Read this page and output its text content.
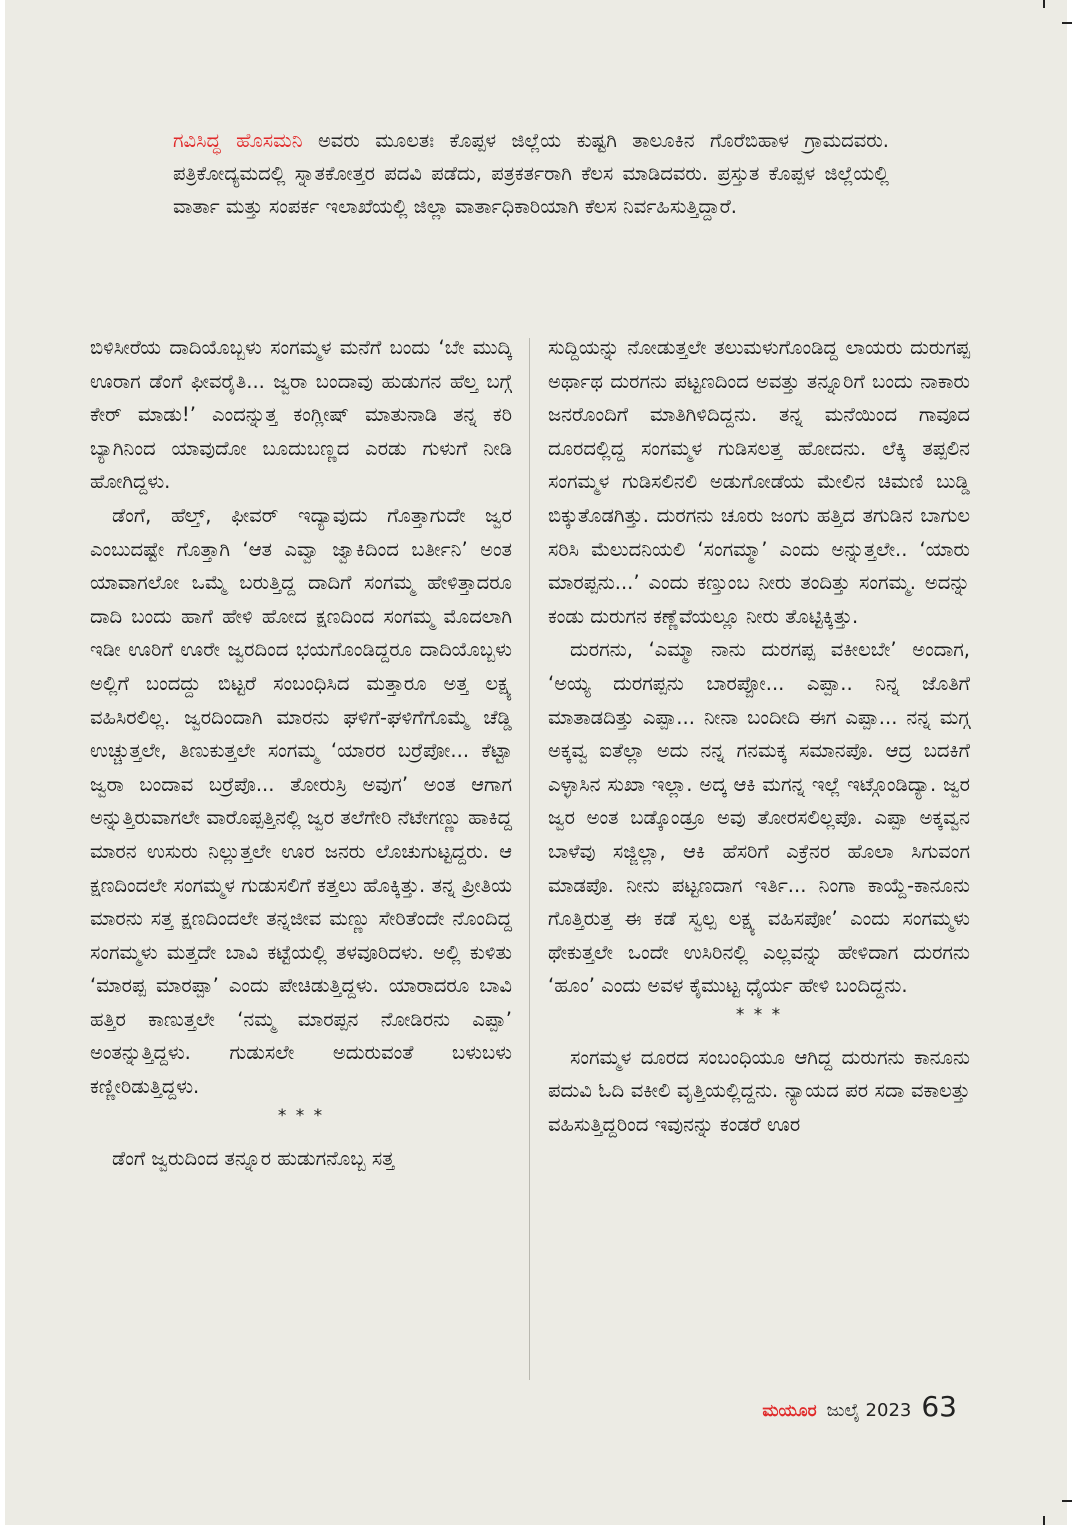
ಗವಿಸಿದ್ಧ ಹೊಸಮನಿ ಅವರು ಮೂಲತಃ ಕೊಪ್ಪಳ ಜಿಲ್ಲೆಯ ಕುಷ್ಟಗಿ ತಾಲೂಕಿನ ಗೊರೆಬಿಹಾಳ ಗ್ರಾಮದವರು. ಪತ್ರಿಕೋದ್ಯಮದಲ್ಲಿ ಸ್ನಾತಕೋತ್ತರ ಪದವಿ ಪಡೆದು, ಪತ್ರಕರ್ತರಾಗಿ ಕೆಲಸ ಮಾಡಿದವರು. ಪ್ರಸ್ತುತ ಕೊಪ್ಪಳ ಜಿಲ್ಲೆಯಲ್ಲಿ ವಾರ್ತಾ ಮತ್ತು ಸಂಪರ್ಕ ಇಲಾಖೆಯಲ್ಲಿ ಜಿಲ್ಲಾ ವಾರ್ತಾಧಿಕಾರಿಯಾಗಿ ಕೆಲಸ ನಿರ್ವಹಿಸುತ್ತಿದ್ದಾರೆ.

ಬಿಳಿಸೀರೆಯ ದಾದಿಯೊಬ್ಬಳು ಸಂಗಮ್ಮಳ ಮನೆಗೆ ಬಂದು ‘ಬೇ ಮುದ್ಕಿ ಊರಾಗ ಡೆಂಗೆ ಫೀವರೈತಿ... ಜ್ವರಾ ಬಂದಾವು ಹುಡುಗನ ಹೆಲ್ತ ಬಗ್ಗೆ ಕೇರ್ ಮಾಡು!’ ಎಂದನ್ನುತ್ತ ಕಂಗ್ಲೀಷ್ ಮಾತುನಾಡಿ ತನ್ನ ಕರಿ ಬ್ಯಾಗಿನಿಂದ ಯಾವುದೋ ಬೂದುಬಣ್ಣದ ಎರಡು ಗುಳುಗೆ ನೀಡಿ ಹೋಗಿದ್ದಳು.

ಡೆಂಗೆ, ಹೆಲ್ತ್, ಫೀವರ್ ಇದ್ಯಾವುದು ಗೊತ್ತಾಗುದೇ ಜ್ವರ ಎಂಬುದಷ್ಟೇ ಗೊತ್ತಾಗಿ ‘ಆತ ಎವ್ವಾ ಜ್ವಾಕಿದಿಂದ ಬರ್ತೀನಿ’ ಅಂತ ಯಾವಾಗಲೋ ಒಮ್ಮೆ ಬರುತ್ತಿದ್ದ ದಾದಿಗೆ ಸಂಗಮ್ಮ ಹೇಳಿತ್ತಾದರೂ ದಾದಿ ಬಂದು ಹಾಗೆ ಹೇಳಿ ಹೋದ ಕ್ಷಣದಿಂದ ಸಂಗಮ್ಮ ಮೊದಲಾಗಿ ಇಡೀ ಊರಿಗೆ ಊರೇ ಜ್ವರದಿಂದ ಭಯಗೊಂಡಿದ್ದರೂ ದಾದಿಯೊಬ್ಬಳು ಅಲ್ಲಿಗೆ ಬಂದದ್ದು ಬಿಟ್ಟರೆ ಸಂಬಂಧಿಸಿದ ಮತ್ತಾರೂ ಅತ್ತ ಲಕ್ಷ್ಯ ವಹಿಸಿರಲಿಲ್ಲ. ಜ್ವರದಿಂದಾಗಿ ಮಾರನು ಘಳಿಗೆ-ಘಳಿಗೆಗೊಮ್ಮೆ ಚೆಡ್ಡಿ ಉಚ್ಚುತ್ತಲೇ, ತಿಣುಕುತ್ತಲೇ ಸಂಗಮ್ಮ ‘ಯಾರರ ಬರ್ರೆಪೋ... ಕೆಟ್ಟಾ ಜ್ವರಾ ಬಂದಾವ ಬರ್ರೆಪೊ... ತೋರುಸ್ರಿ ಅವುಗ’ ಅಂತ ಆಗಾಗ ಅನ್ನುತ್ತಿರುವಾಗಲೇ ವಾರೊಪ್ಪತ್ತಿನಲ್ಲಿ ಜ್ವರ ತಲೆಗೇರಿ ನೆಟೇಗಣ್ಣು ಹಾಕಿದ್ದ ಮಾರನ ಉಸುರು ನಿಲ್ಲುತ್ತಲೇ ಊರ ಜನರು ಲೊಚುಗುಟ್ಟದ್ದರು. ಆ ಕ್ಷಣದಿಂದಲೇ ಸಂಗಮ್ಮಳ ಗುಡುಸಲಿಗೆ ಕತ್ತಲು ಹೊಕ್ಕಿತ್ತು. ತನ್ನ ಪ್ರೀತಿಯ ಮಾರನು ಸತ್ತ ಕ್ಷಣದಿಂದಲೇ ತನ್ನಜೀವ ಮಣ್ಣು ಸೇರಿತೆಂದೇ ನೊಂದಿದ್ದ ಸಂಗಮ್ಮಳು ಮತ್ತದೇ ಬಾವಿ ಕಟ್ಟೆಯಲ್ಲಿ ತಳವೂರಿದಳು. ಅಲ್ಲಿ ಕುಳಿತು ‘ಮಾರಪ್ಪ ಮಾರಪ್ಪಾ’ ಎಂದು ಪೇಚಿಡುತ್ತಿದ್ದಳು. ಯಾರಾದರೂ ಬಾವಿ ಹತ್ತಿರ ಕಾಣುತ್ತಲೇ ‘ನಮ್ಮ ಮಾರಪ್ಪನ ನೋಡಿರನು ಎಪ್ಪಾ’ ಅಂತನ್ನುತ್ತಿದ್ದಳು. ಗುಡುಸಲೇ ಅದುರುವಂತೆ ಬಳುಬಳು ಕಣ್ಣೀರಿಡುತ್ತಿದ್ದಳು.

* * *

ಡೆಂಗೆ ಜ್ವರುದಿಂದ ತನ್ನೂರ ಹುಡುಗನೊಬ್ಬ ಸತ್ತ

ಸುದ್ದಿಯನ್ನು ನೋಡುತ್ತಲೇ ತಲುಮಳುಗೊಂಡಿದ್ದ ಲಾಯರು ದುರುಗಪ್ಪ ಅರ್ಥಾಥ ದುರಗನು ಪಟ್ಟಣದಿಂದ ಅವತ್ತು ತನ್ನೂರಿಗೆ ಬಂದು ನಾಕಾರು ಜನರೊಂದಿಗೆ ಮಾತಿಗಿಳಿದಿದ್ದನು. ತನ್ನ ಮನೆಯಿಂದ ಗಾವೂದ ದೂರದಲ್ಲಿದ್ದ ಸಂಗಮ್ಮಳ ಗುಡಿಸಲತ್ತ ಹೋದನು. ಲೆಕ್ಕಿ ತಪ್ಪಲಿನ ಸಂಗಮ್ಮಳ ಗುಡಿಸಲಿನಲಿ ಅಡುಗೋಡೆಯ ಮೇಲಿನ ಚಿಮಣಿ ಬುಡ್ಡಿ ಬಿಕ್ಕುತೊಡಗಿತ್ತು. ದುರಗನು ಚೂರು ಜಂಗು ಹತ್ತಿದ ತಗುಡಿನ ಬಾಗುಲ ಸರಿಸಿ ಮೆಲುದನಿಯಲಿ ‘ಸಂಗಮ್ಮಾ’ ಎಂದು ಅನ್ನುತ್ತಲೇ.. ‘ಯಾರು ಮಾರಪ್ಪನು...’ ಎಂದು ಕಣ್ತುಂಬ ನೀರು ತಂದಿತ್ತು ಸಂಗಮ್ಮ. ಅದನ್ನು ಕಂಡು ದುರುಗನ ಕಣ್ಣೆವೆಯಲ್ಲೂ ನೀರು ತೊಟ್ಟಿಕ್ಕಿತ್ತು.

ದುರಗನು, ‘ಎಮ್ಮಾ ನಾನು ದುರಗಪ್ಪ ವಕೀಲಬೇ’ ಅಂದಾಗ, ‘ಅಯ್ಯ ದುರಗಪ್ಪನು ಬಾರಪ್ಪೋ... ಎಪ್ಪಾ.. ನಿನ್ನ ಜೊತಿಗೆ ಮಾತಾಡದಿತ್ತು ಎಪ್ಪಾ... ನೀನಾ ಬಂದೀದಿ ಈಗ ಎಪ್ಪಾ... ನನ್ನ ಮಗ್ಗ ಅಕ್ಕವ್ವ ಐತೆಲ್ಲಾ ಅದು ನನ್ನ ಗನಮಕ್ಕ ಸಮಾನಪೊ. ಆದ್ರ ಬದಕಿಗೆ ಎಳ್ಳಾಸಿನ ಸುಖಾ ಇಲ್ಲಾ. ಅದ್ಕ ಆಕಿ ಮಗನ್ನ ಇಲ್ಲೆ ಇಟ್ಗೊಂಡಿದ್ಯಾ. ಜ್ವರ ಜ್ವರ ಅಂತ ಬಡ್ಕೊಂಡ್ರೂ ಅವು ತೋರಸಲಿಲ್ಲಪೊ. ಎಪ್ಪಾ ಅಕ್ಕವ್ವನ ಬಾಳೆವು ಸಜ್ಜಿಲ್ಲಾ, ಆಕಿ ಹೆಸರಿಗೆ ಎಕ್ರೆನರ ಹೊಲಾ ಸಿಗುವಂಗ ಮಾಡಪೊ. ನೀನು ಪಟ್ಟಣದಾಗ ಇರ್ತಿ... ನಿಂಗಾ ಕಾಯ್ದೆ-ಕಾನೂನು ಗೊತ್ತಿರುತ್ತ ಈ ಕಡೆ ಸ್ವಲ್ಪ ಲಕ್ಷ್ಯ ವಹಿಸಪೋ’ ಎಂದು ಸಂಗಮ್ಮಳು ಥೇಕುತ್ತಲೇ ಒಂದೇ ಉಸಿರಿನಲ್ಲಿ ಎಲ್ಲವನ್ನು ಹೇಳಿದಾಗ ದುರಗನು ‘ಹೂಂ’ ಎಂದು ಅವಳ ಕೈಮುಟ್ಟ ಧೈರ್ಯ ಹೇಳಿ ಬಂದಿದ್ದನು.

* * *

ಸಂಗಮ್ಮಳ ದೂರದ ಸಂಬಂಧಿಯೂ ಆಗಿದ್ದ ದುರುಗನು ಕಾನೂನು ಪದುವಿ ಓದಿ ವಕೀಲಿ ವೃತ್ತಿಯಲ್ಲಿದ್ದನು. ನ್ಯಾಯದ ಪರ ಸದಾ ವಕಾಲತ್ತು ವಹಿಸುತ್ತಿದ್ದರಿಂದ ಇವುನನ್ನು ಕಂಡರೆ ಊರ

ಮಯೂರ ಜುಲೈ 2023 63
